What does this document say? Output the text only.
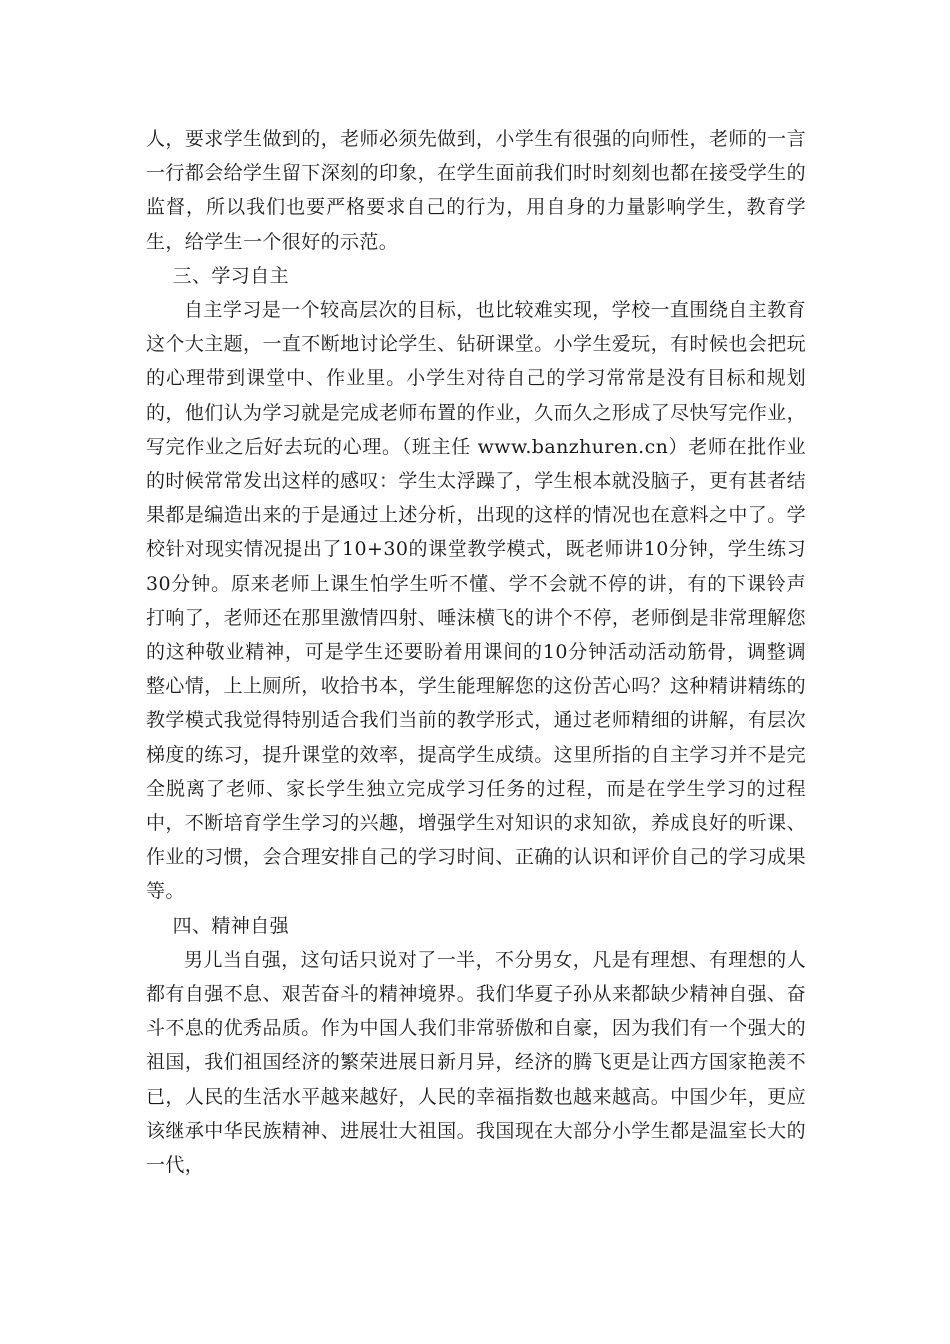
人，要求学生做到的，老师必须先做到，小学生有很强的向师性，老师的一言一行都会给学生留下深刻的印象，在学生面前我们时时刻刻也都在接受学生的监督，所以我们也要严格要求自己的行为，用自身的力量影响学生，教育学生，给学生一个很好的示范。

三、学习自主

自主学习是一个较高层次的目标，也比较难实现，学校一直围绕自主教育这个大主题，一直不断地讨论学生、钻研课堂。小学生爱玩，有时候也会把玩的心理带到课堂中、作业里。小学生对待自己的学习常常是没有目标和规划的，他们认为学习就是完成老师布置的作业，久而久之形成了尽快写完作业，写完作业之后好去玩的心理。（班主任 www.banzhuren.cn）老师在批作业的时候常常发出这样的感叹：学生太浮躁了，学生根本就没脑子，更有甚者结果都是编造出来的于是通过上述分析，出现的这样的情况也在意料之中了。学校针对现实情况提出了10+30的课堂教学模式，既老师讲10分钟，学生练习30分钟。原来老师上课生怕学生听不懂、学不会就不停的讲，有的下课铃声打响了，老师还在那里激情四射、唾沫横飞的讲个不停，老师倒是非常理解您的这种敬业精神，可是学生还要盼着用课间的10分钟活动活动筋骨，调整调整心情，上上厕所，收拾书本，学生能理解您的这份苦心吗？这种精讲精练的教学模式我觉得特别适合我们当前的教学形式，通过老师精细的讲解，有层次梯度的练习，提升课堂的效率，提高学生成绩。这里所指的自主学习并不是完全脱离了老师、家长学生独立完成学习任务的过程，而是在学生学习的过程中，不断培育学生学习的兴趣，增强学生对知识的求知欲，养成良好的听课、作业的习惯，会合理安排自己的学习时间、正确的认识和评价自己的学习成果等。

四、精神自强

男儿当自强，这句话只说对了一半，不分男女，凡是有理想、有理想的人都有自强不息、艰苦奋斗的精神境界。我们华夏子孙从来都缺少精神自强、奋斗不息的优秀品质。作为中国人我们非常骄傲和自豪，因为我们有一个强大的祖国，我们祖国经济的繁荣进展日新月异，经济的腾飞更是让西方国家艳羡不已，人民的生活水平越来越好，人民的幸福指数也越来越高。中国少年，更应该继承中华民族精神、进展壮大祖国。我国现在大部分小学生都是温室长大的一代，
